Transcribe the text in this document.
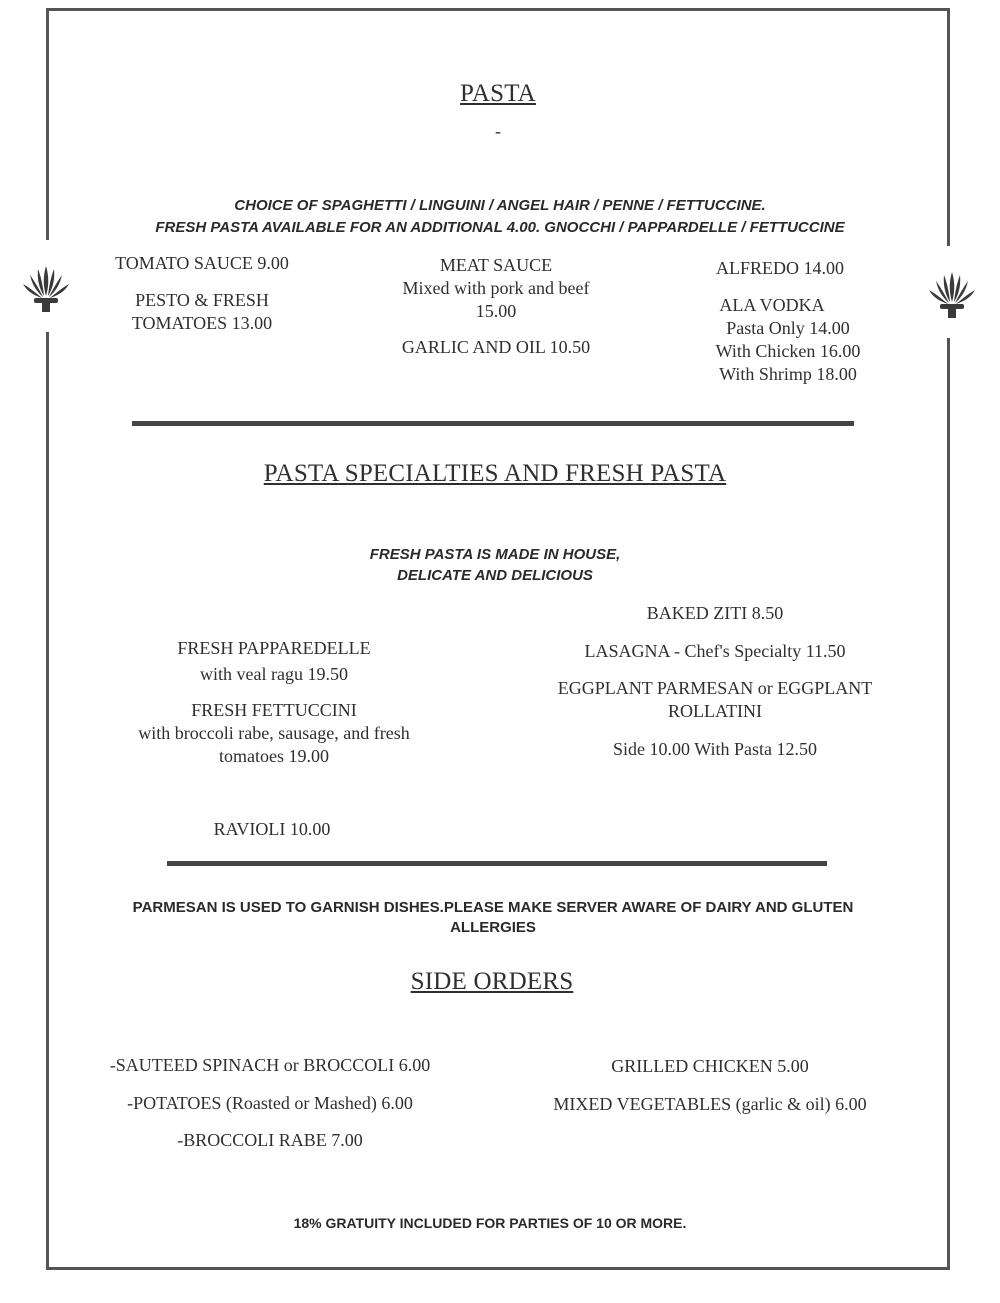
PASTA
-
CHOICE OF SPAGHETTI / LINGUINI / ANGEL HAIR / PENNE / FETTUCCINE.
FRESH PASTA AVAILABLE FOR AN ADDITIONAL 4.00. GNOCCHI / PAPPARDELLE / FETTUCCINE
TOMATO SAUCE 9.00
PESTO & FRESH
TOMATOES 13.00
MEAT SAUCE
Mixed with pork and beef
15.00
GARLIC AND OIL 10.50
ALFREDO 14.00
ALA VODKA
Pasta Only 14.00
With Chicken 16.00
With Shrimp 18.00
PASTA SPECIALTIES AND FRESH PASTA
FRESH PASTA IS MADE IN HOUSE,
DELICATE AND DELICIOUS
FRESH PAPPAREDELLE
with veal ragu 19.50
FRESH FETTUCCINI
with broccoli rabe, sausage, and fresh
tomatoes 19.00
RAVIOLI 10.00
BAKED ZITI 8.50
LASAGNA - Chef's Specialty 11.50
EGGPLANT PARMESAN or EGGPLANT
ROLLATINI
Side 10.00 With Pasta 12.50
PARMESAN IS USED TO GARNISH DISHES.PLEASE MAKE SERVER AWARE OF DAIRY AND GLUTEN
ALLERGIES
SIDE ORDERS
-SAUTEED SPINACH or BROCCOLI 6.00
-POTATOES (Roasted or Mashed) 6.00
-BROCCOLI RABE 7.00
GRILLED CHICKEN 5.00
MIXED VEGETABLES (garlic & oil) 6.00
18% GRATUITY INCLUDED FOR PARTIES OF 10 OR MORE.
